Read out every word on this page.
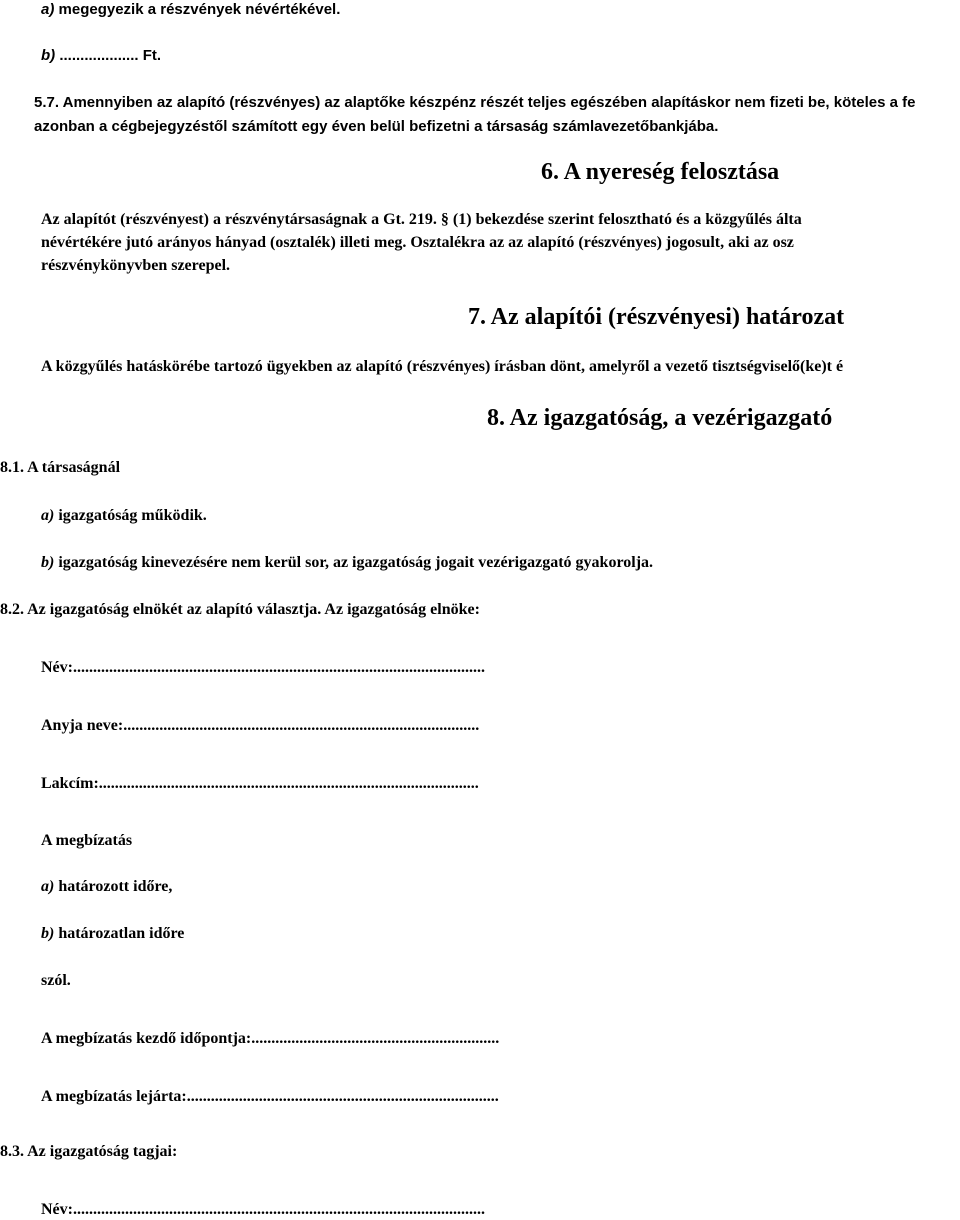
a) megegyezik a részvények névértékével.
b) ................... Ft.
5.7. Amennyiben az alapító (részvényes) az alaptőke készpénz részét teljes egészében alapításkor nem fizeti be, köteles a fe
azonban a cégbejegyzéstől számított egy éven belül befizetni a társaság számlavezetőbankjába.
6. A nyereség felosztása
Az alapítót (részvényest) a részvénytársaságnak a Gt. 219. § (1) bekezdése szerint felosztható és a közgyűlés álta
névértékére jutó arányos hányad (osztalék) illeti meg. Osztalékra az az alapító (részvényes) jogosult, aki az osz
részvénykönyvben szerepel.
7. Az alapítói (részvényesi) határozat
A közgyűlés hatáskörébe tartozó ügyekben az alapító (részvényes) írásban dönt, amelyről a vezető tisztségviselő(ke)t é
8. Az igazgatóság, a vezérigazgató
8.1. A társaságnál
a) igazgatóság működik.
b) igazgatóság kinevezésére nem kerül sor, az igazgatóság jogait vezérigazgató gyakorolja.
8.2. Az igazgatóság elnökét az alapító választja. Az igazgatóság elnöke:
Név:.......................................................................................................
Anyja neve:.........................................................................................
Lakcím:...............................................................................................
A megbízatás
a) határozott időre,
b) határozatlan időre
szól.
A megbízatás kezdő időpontja:..............................................................
A megbízatás lejárta:..............................................................................
8.3. Az igazgatóság tagjai:
Név:.......................................................................................................
